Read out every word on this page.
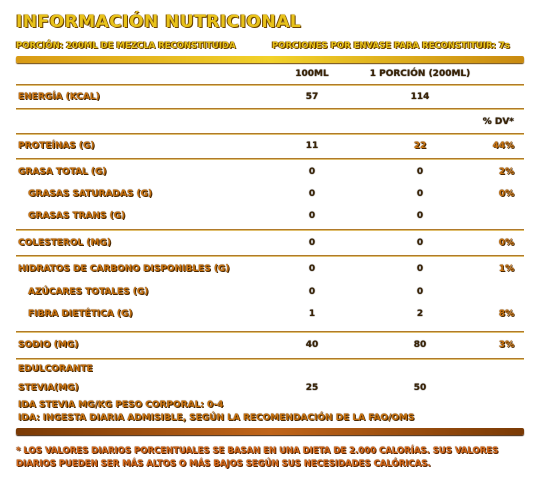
INFORMACIÓN NUTRICIONAL
PORCIÓN: 200ML DE MEZCLA RECONSTITUIDA	PORCIONES POR ENVASE PARA RECONSTITUIR: 7s
100ML	1 PORCIÓN (200ML)
ENERGÍA (KCAL)	57	114
% DV*
PROTEÍNAS (G)	11	22	44%
GRASA TOTAL (G)	0	0	2%
GRASAS SATURADAS (G)	0	0	0%
GRASAS TRANS (G)	0	0
COLESTEROL (MG)	0	0	0%
HIDRATOS DE CARBONO DISPONIBLES (G)	0	0	1%
AZÚCARES TOTALES (G)	0	0
FIBRA DIETÉTICA (G)	1	2	8%
SODIO (MG)	40	80	3%
EDULCORANTE
STEVIA(MG)	25	50
IDA STEVIA MG/KG PESO CORPORAL: 0-4
IDA: INGESTA DIARIA ADMISIBLE, SEGÚN LA RECOMENDACIÓN DE LA FAO/OMS
* LOS VALORES DIARIOS PORCENTUALES SE BASAN EN UNA DIETA DE 2.000 CALORÍAS. SUS VALORES DIARIOS PUEDEN SER MÁS ALTOS O MÁS BAJOS SEGÚN SUS NECESIDADES CALÓRICAS.
